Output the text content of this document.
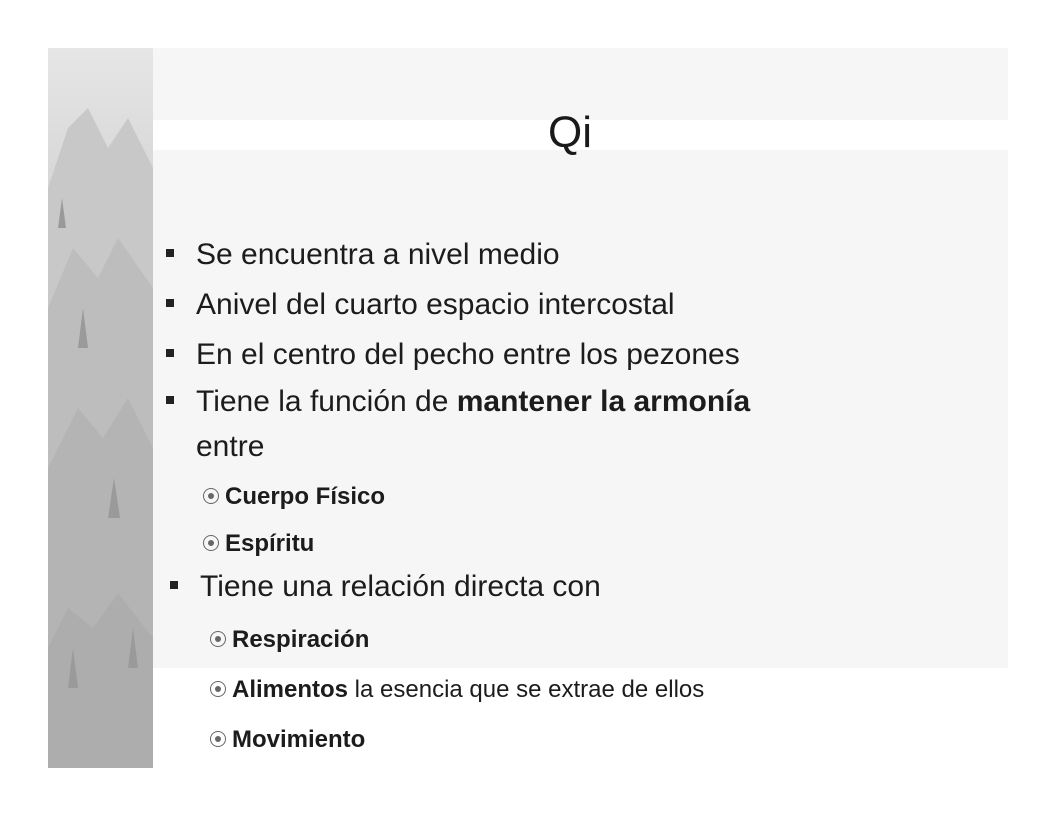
Qi
Se encuentra a nivel medio
Anivel del cuarto espacio intercostal
En el centro del pecho entre los pezones
Tiene la función de mantener la armonía
entre
Cuerpo Físico
Espíritu
Tiene una relación directa con
Respiración
Alimentos la esencia que se extrae de ellos
Movimiento
